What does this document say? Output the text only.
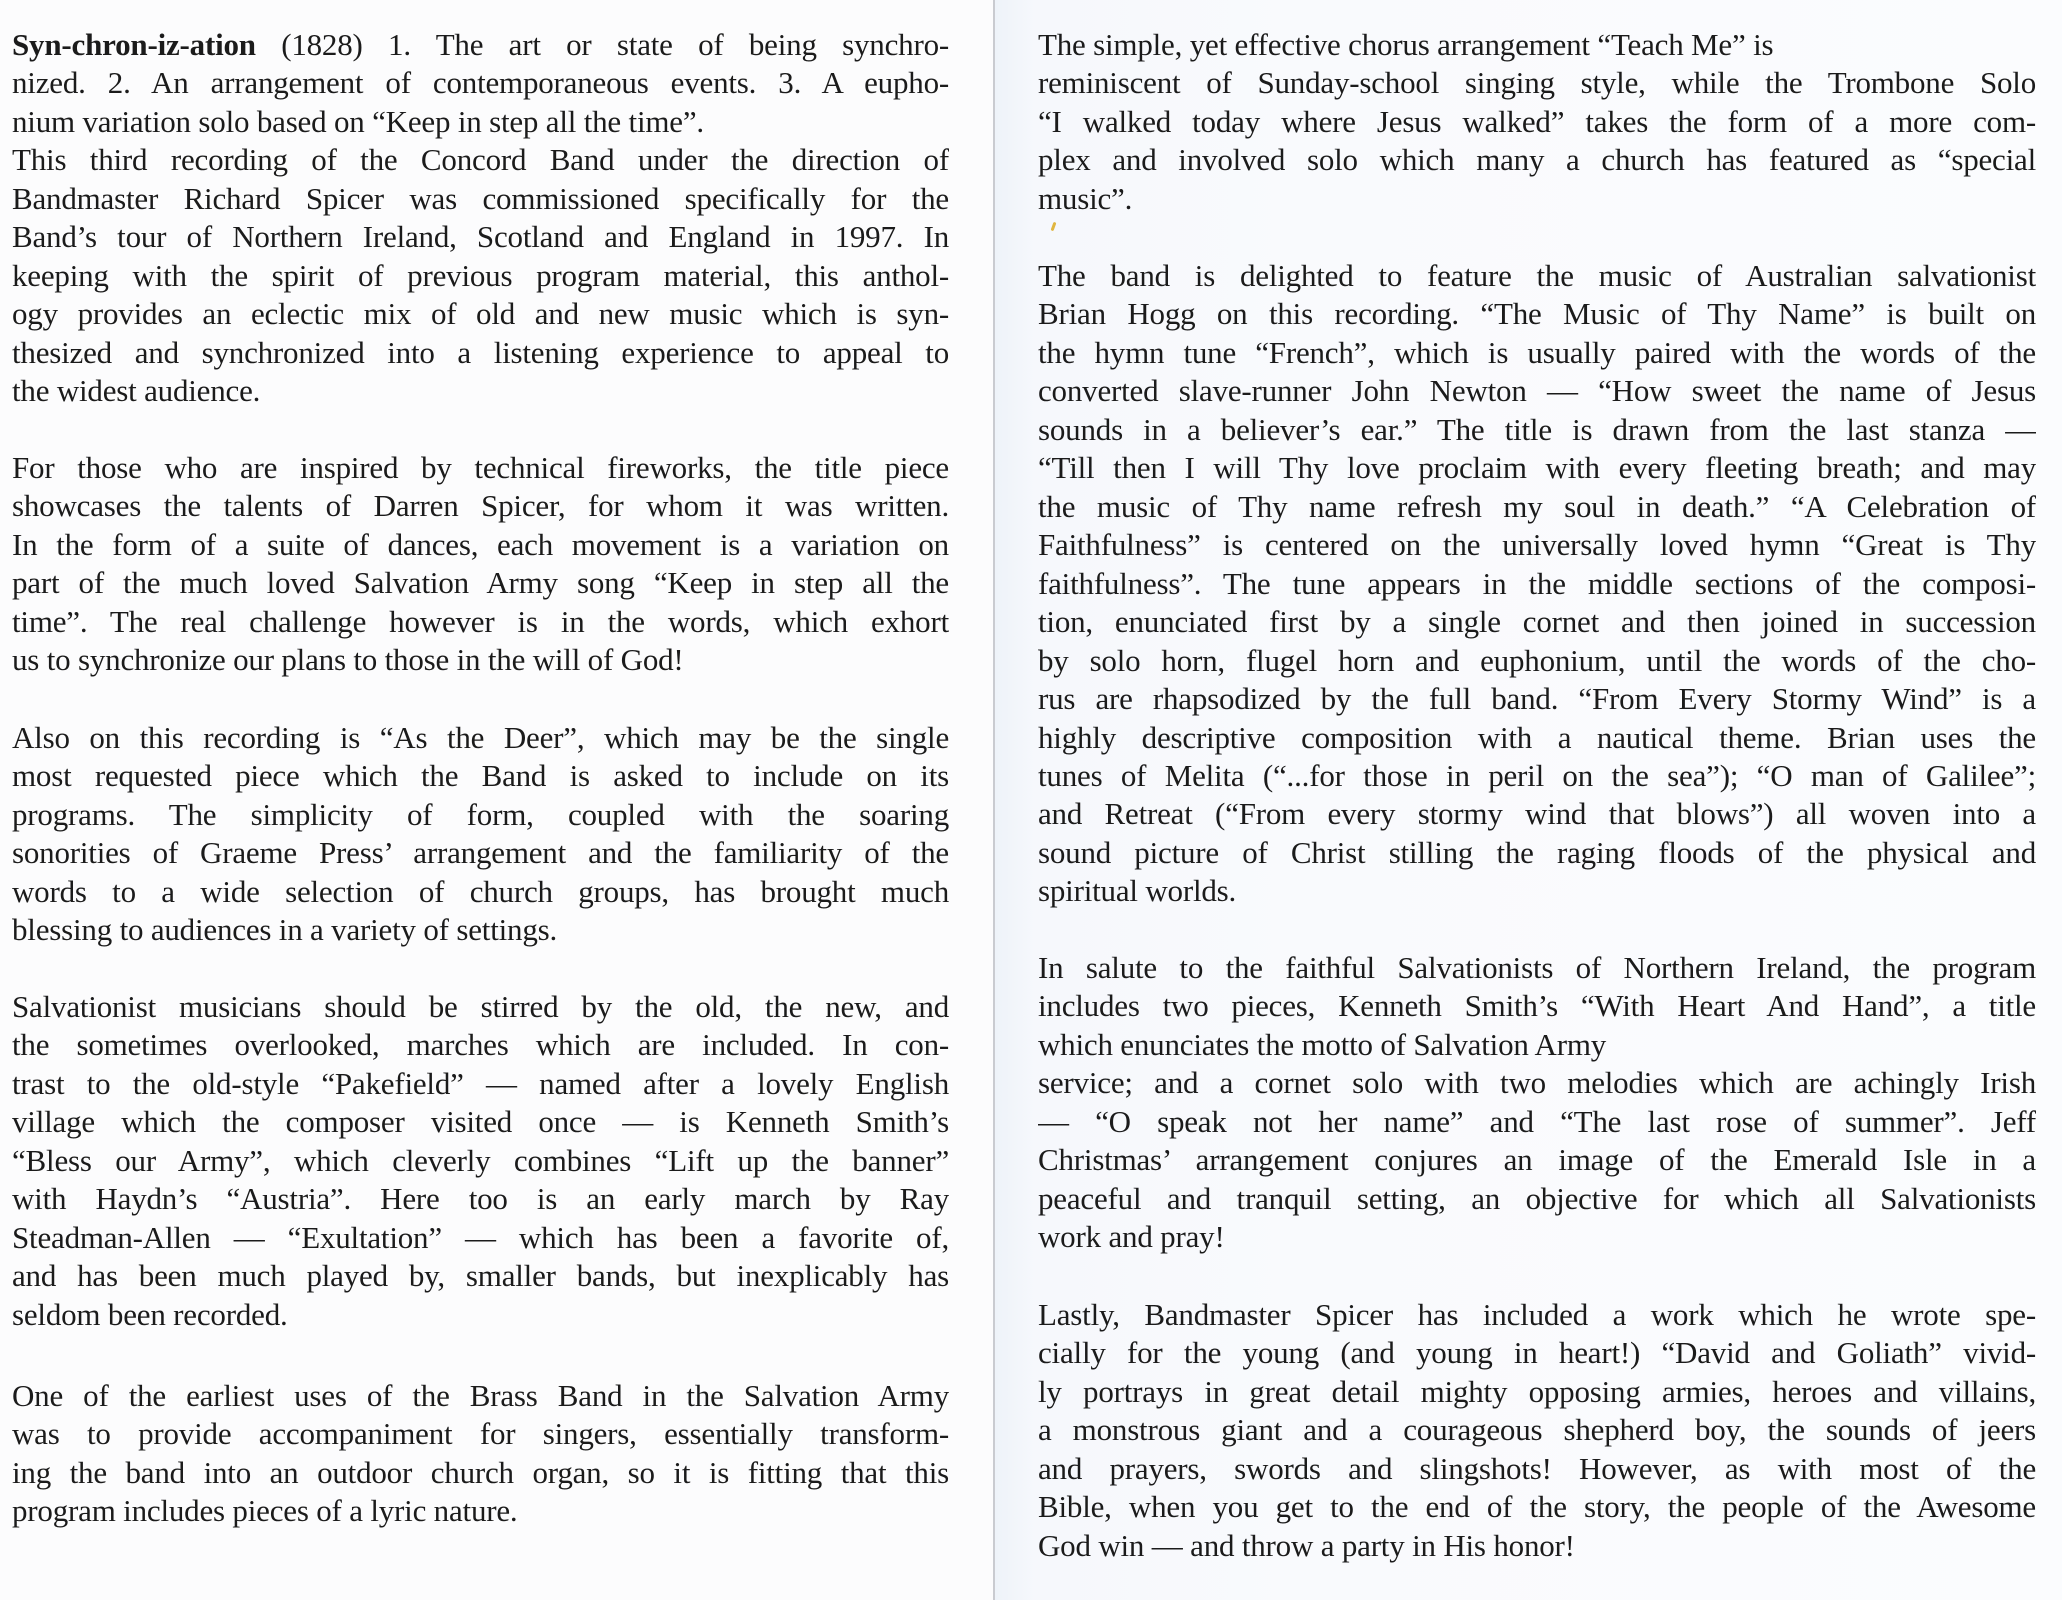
Syn-chron-iz-ation (1828) 1. The art or state of being synchro-
nized. 2. An arrangement of contemporaneous events. 3. A eupho-
nium variation solo based on “Keep in step all the time”.
This third recording of the Concord Band under the direction of
Bandmaster Richard Spicer was commissioned specifically for the
Band’s tour of Northern Ireland, Scotland and England in 1997. In
keeping with the spirit of previous program material, this anthol-
ogy provides an eclectic mix of old and new music which is syn-
thesized and synchronized into a listening experience to appeal to
the widest audience.
For those who are inspired by technical fireworks, the title piece
showcases the talents of Darren Spicer, for whom it was written.
In the form of a suite of dances, each movement is a variation on
part of the much loved Salvation Army song “Keep in step all the
time”. The real challenge however is in the words, which exhort
us to synchronize our plans to those in the will of God!
Also on this recording is “As the Deer”, which may be the single
most requested piece which the Band is asked to include on its
programs. The simplicity of form, coupled with the soaring
sonorities of Graeme Press’ arrangement and the familiarity of the
words to a wide selection of church groups, has brought much
blessing to audiences in a variety of settings.
Salvationist musicians should be stirred by the old, the new, and
the sometimes overlooked, marches which are included. In con-
trast to the old-style “Pakefield” — named after a lovely English
village which the composer visited once — is Kenneth Smith’s
“Bless our Army”, which cleverly combines “Lift up the banner”
with Haydn’s “Austria”. Here too is an early march by Ray
Steadman-Allen — “Exultation” — which has been a favorite of,
and has been much played by, smaller bands, but inexplicably has
seldom been recorded.
One of the earliest uses of the Brass Band in the Salvation Army
was to provide accompaniment for singers, essentially transform-
ing the band into an outdoor church organ, so it is fitting that this
program includes pieces of a lyric nature.
The simple, yet effective chorus arrangement “Teach Me” is
reminiscent of Sunday-school singing style, while the Trombone Solo
“I walked today where Jesus walked” takes the form of a more com-
plex and involved solo which many a church has featured as “special
music”.
The band is delighted to feature the music of Australian salvationist
Brian Hogg on this recording. “The Music of Thy Name” is built on
the hymn tune “French”, which is usually paired with the words of the
converted slave-runner John Newton — “How sweet the name of Jesus
sounds in a believer’s ear.” The title is drawn from the last stanza —
“Till then I will Thy love proclaim with every fleeting breath; and may
the music of Thy name refresh my soul in death.” “A Celebration of
Faithfulness” is centered on the universally loved hymn “Great is Thy
faithfulness”. The tune appears in the middle sections of the composi-
tion, enunciated first by a single cornet and then joined in succession
by solo horn, flugel horn and euphonium, until the words of the cho-
rus are rhapsodized by the full band. “From Every Stormy Wind” is a
highly descriptive composition with a nautical theme. Brian uses the
tunes of Melita (“...for those in peril on the sea”); “O man of Galilee”;
and Retreat (“From every stormy wind that blows”) all woven into a
sound picture of Christ stilling the raging floods of the physical and
spiritual worlds.
In salute to the faithful Salvationists of Northern Ireland, the program
includes two pieces, Kenneth Smith’s “With Heart And Hand”, a title
which enunciates the motto of Salvation Army
service; and a cornet solo with two melodies which are achingly Irish
— “O speak not her name” and “The last rose of summer”. Jeff
Christmas’ arrangement conjures an image of the Emerald Isle in a
peaceful and tranquil setting, an objective for which all Salvationists
work and pray!
Lastly, Bandmaster Spicer has included a work which he wrote spe-
cially for the young (and young in heart!) “David and Goliath” vivid-
ly portrays in great detail mighty opposing armies, heroes and villains,
a monstrous giant and a courageous shepherd boy, the sounds of jeers
and prayers, swords and slingshots! However, as with most of the
Bible, when you get to the end of the story, the people of the Awesome
God win — and throw a party in His honor!
